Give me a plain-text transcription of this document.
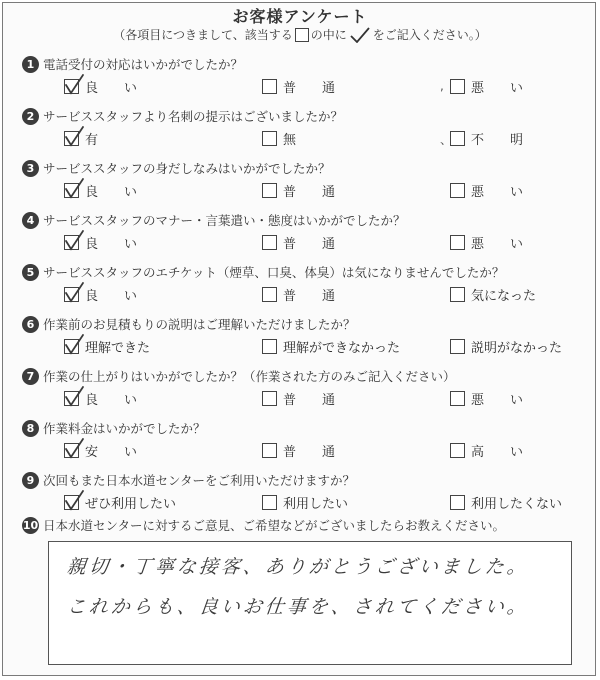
お客様アンケート
（各項目につきまして、該当する の中に をご記入ください。）
1 電話受付の対応はいかがでしたか？
良　　い	普　　通	悪　　い
,
2 サービススタッフより名刺の提示はございましたか？
有	無	不　　明
、
3 サービススタッフの身だしなみはいかがでしたか？
良　　い	普　　通	悪　　い
4 サービススタッフのマナー・言葉遣い・態度はいかがでしたか？
良　　い	普　　通	悪　　い
5 サービススタッフのエチケット（煙草、口臭、体臭）は気になりませんでしたか？
良　　い	普　　通	気になった
6 作業前のお見積もりの説明はご理解いただけましたか？
理解できた	理解ができなかった	説明がなかった
7 作業の仕上がりはいかがでしたか？（作業された方のみご記入ください）
良　　い	普　　通	悪　　い
8 作業料金はいかがでしたか？
安　　い	普　　通	高　　い
9 次回もまた日本水道センターをご利用いただけますか？
ぜひ利用したい	利用したい	利用したくない
10 日本水道センターに対するご意見、ご希望などがございましたらお教えください。
親切・丁寧な接客、ありがとうございました。
これからも、良いお仕事を、されてください。
